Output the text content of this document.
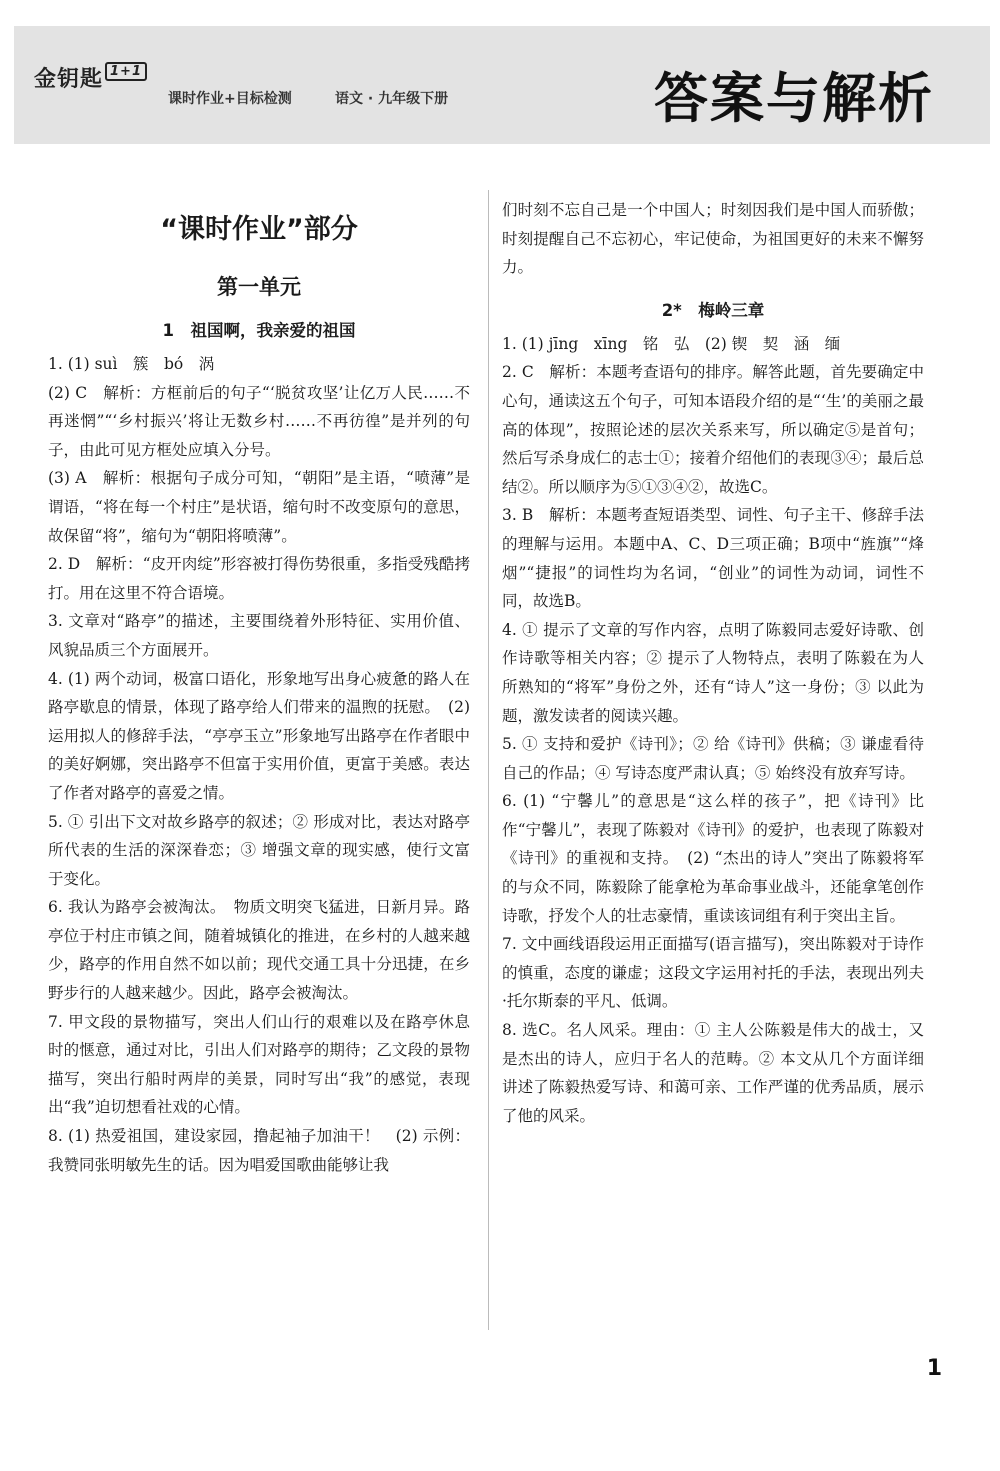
金钥匙 1+1
课时作业+目标检测	语文 · 九年级下册	答案与解析
“课时作业”部分
第一单元
1　祖国啊，我亲爱的祖国

1. (1) suì　簇　bó　涡

(2) C　解析：方框前后的句子“‘脱贫攻坚’让亿万人民……不再迷惘”“‘乡村振兴’将让无数乡村……不再彷徨”是并列的句子，由此可见方框处应填入分号。

(3) A　解析：根据句子成分可知，“朝阳”是主语，“喷薄”是谓语，“将在每一个村庄”是状语，缩句时不改变原句的意思，故保留“将”，缩句为“朝阳将喷薄”。

2. D　解析：“皮开肉绽”形容被打得伤势很重，多指受残酷拷打。用在这里不符合语境。

3. 文章对“路亭”的描述，主要围绕着外形特征、实用价值、风貌品质三个方面展开。

4. (1) 两个动词，极富口语化，形象地写出身心疲惫的路人在路亭歇息的情景，体现了路亭给人们带来的温煦的抚慰。　(2) 运用拟人的修辞手法，“亭亭玉立”形象地写出路亭在作者眼中的美好婀娜，突出路亭不但富于实用价值，更富于美感。表达了作者对路亭的喜爱之情。

5. ① 引出下文对故乡路亭的叙述；② 形成对比，表达对路亭所代表的生活的深深眷恋；③ 增强文章的现实感，使行文富于变化。

6. 我认为路亭会被淘汰。　物质文明突飞猛进，日新月异。路亭位于村庄市镇之间，随着城镇化的推进，在乡村的人越来越少，路亭的作用自然不如以前；现代交通工具十分迅捷，在乡野步行的人越来越少。因此，路亭会被淘汰。

7. 甲文段的景物描写，突出人们山行的艰难以及在路亭休息时的惬意，通过对比，引出人们对路亭的期待；乙文段的景物描写，突出行船时两岸的美景，同时写出“我”的感觉，表现出“我”迫切想看社戏的心情。

8. (1) 热爱祖国，建设家园，撸起袖子加油干！　(2) 示例：我赞同张明敏先生的话。因为唱爱国歌曲能够让我

们时刻不忘自己是一个中国人；时刻因我们是中国人而骄傲；时刻提醒自己不忘初心，牢记使命，为祖国更好的未来不懈努力。

2*　梅岭三章

1. (1) jīng　xīng　铭　弘　(2) 锲　契　涵　缅

2. C　解析：本题考查语句的排序。解答此题，首先要确定中心句，通读这五个句子，可知本语段介绍的是“‘生’的美丽之最高的体现”，按照论述的层次关系来写，所以确定⑤是首句；然后写杀身成仁的志士①；接着介绍他们的表现③④；最后总结②。所以顺序为⑤①③④②，故选C。

3. B　解析：本题考查短语类型、词性、句子主干、修辞手法的理解与运用。本题中A、C、D三项正确；B项中“旌旗”“烽烟”“捷报”的词性均为名词，“创业”的词性为动词，词性不同，故选B。

4. ① 提示了文章的写作内容，点明了陈毅同志爱好诗歌、创作诗歌等相关内容；② 提示了人物特点，表明了陈毅在为人所熟知的“将军”身份之外，还有“诗人”这一身份；③ 以此为题，激发读者的阅读兴趣。

5. ① 支持和爱护《诗刊》；② 给《诗刊》供稿；③ 谦虚看待自己的作品；④ 写诗态度严肃认真；⑤ 始终没有放弃写诗。

6. (1) “宁馨儿”的意思是“这么样的孩子”，把《诗刊》比作“宁馨儿”，表现了陈毅对《诗刊》的爱护，也表现了陈毅对《诗刊》的重视和支持。　(2) “杰出的诗人”突出了陈毅将军的与众不同，陈毅除了能拿枪为革命事业战斗，还能拿笔创作诗歌，抒发个人的壮志豪情，重读该词组有利于突出主旨。

7. 文中画线语段运用正面描写(语言描写)，突出陈毅对于诗作的慎重，态度的谦虚；这段文字运用衬托的手法，表现出列夫·托尔斯泰的平凡、低调。

8. 选C。名人风采。理由：① 主人公陈毅是伟大的战士，又是杰出的诗人，应归于名人的范畴。② 本文从几个方面详细讲述了陈毅热爱写诗、和蔼可亲、工作严谨的优秀品质，展示了他的风采。

1
